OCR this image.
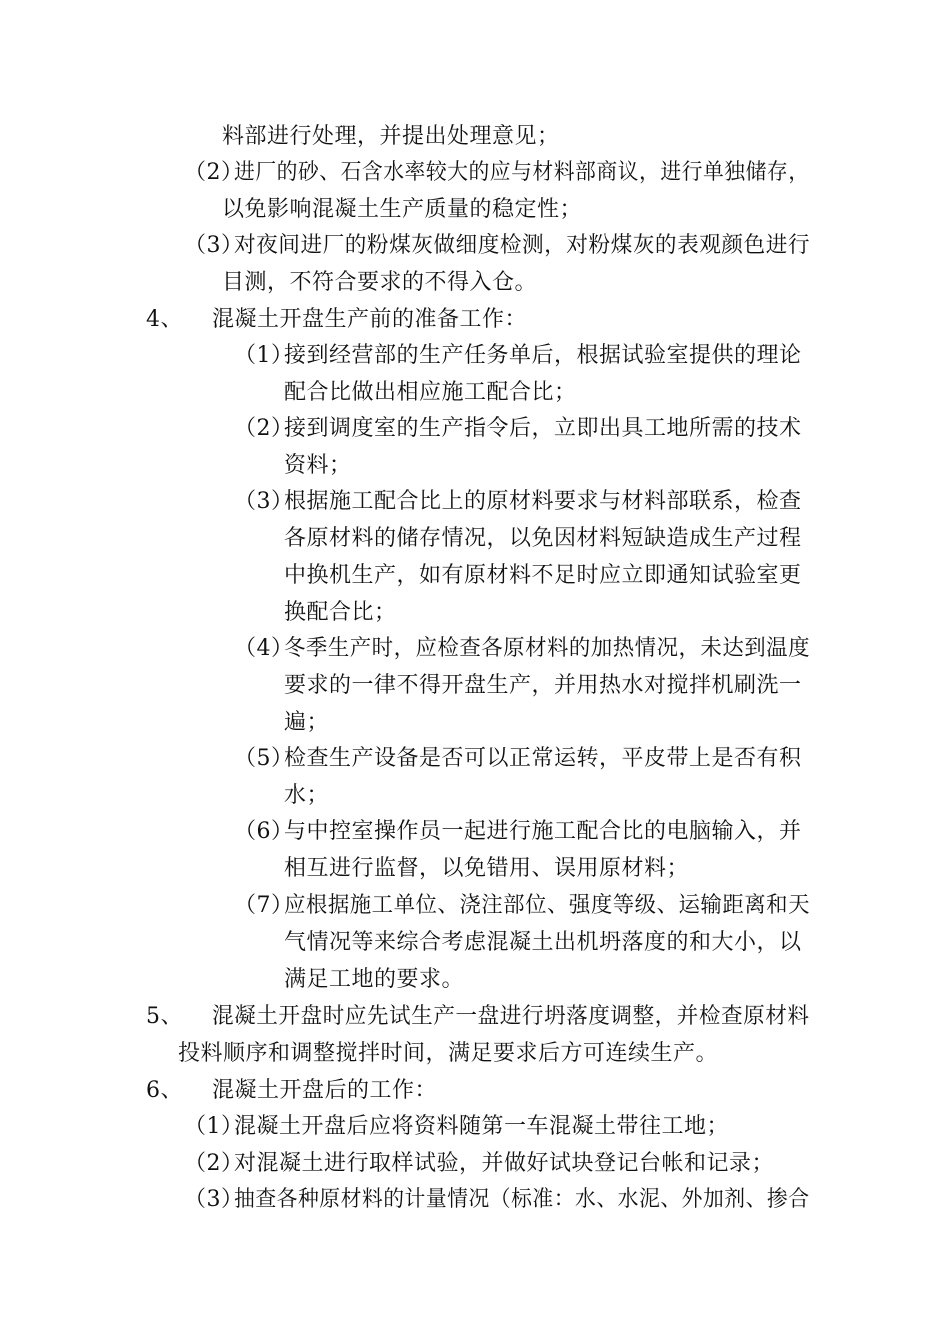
料部进行处理，并提出处理意见；
（2）
进厂的砂、石含水率较大的应与材料部商议，进行单独储存，
以免影响混凝土生产质量的稳定性；
（3）
对夜间进厂的粉煤灰做细度检测，对粉煤灰的表观颜色进行
目测，不符合要求的不得入仓。
4、 混凝土开盘生产前的准备工作：
（1）
接到经营部的生产任务单后，根据试验室提供的理论
配合比做出相应施工配合比；
（2）
接到调度室的生产指令后，立即出具工地所需的技术
资料；
（3）
根据施工配合比上的原材料要求与材料部联系，检查
各原材料的储存情况，以免因材料短缺造成生产过程
中换机生产，如有原材料不足时应立即通知试验室更
换配合比；
（4）
冬季生产时，应检查各原材料的加热情况，未达到温度
要求的一律不得开盘生产，并用热水对搅拌机刷洗一
遍；
（5）
检查生产设备是否可以正常运转，平皮带上是否有积
水；
（6）
与中控室操作员一起进行施工配合比的电脑输入，并
相互进行监督，以免错用、误用原材料；
（7）
应根据施工单位、浇注部位、强度等级、运输距离和天
气情况等来综合考虑混凝土出机坍落度的和大小，以
满足工地的要求。
5、 混凝土开盘时应先试生产一盘进行坍落度调整，并检查原材料
投料顺序和调整搅拌时间，满足要求后方可连续生产。
6、 混凝土开盘后的工作：
（1）
混凝土开盘后应将资料随第一车混凝土带往工地；
（2）
对混凝土进行取样试验，并做好试块登记台帐和记录；
（3）
抽查各种原材料的计量情况（标准：水、水泥、外加剂、掺合
